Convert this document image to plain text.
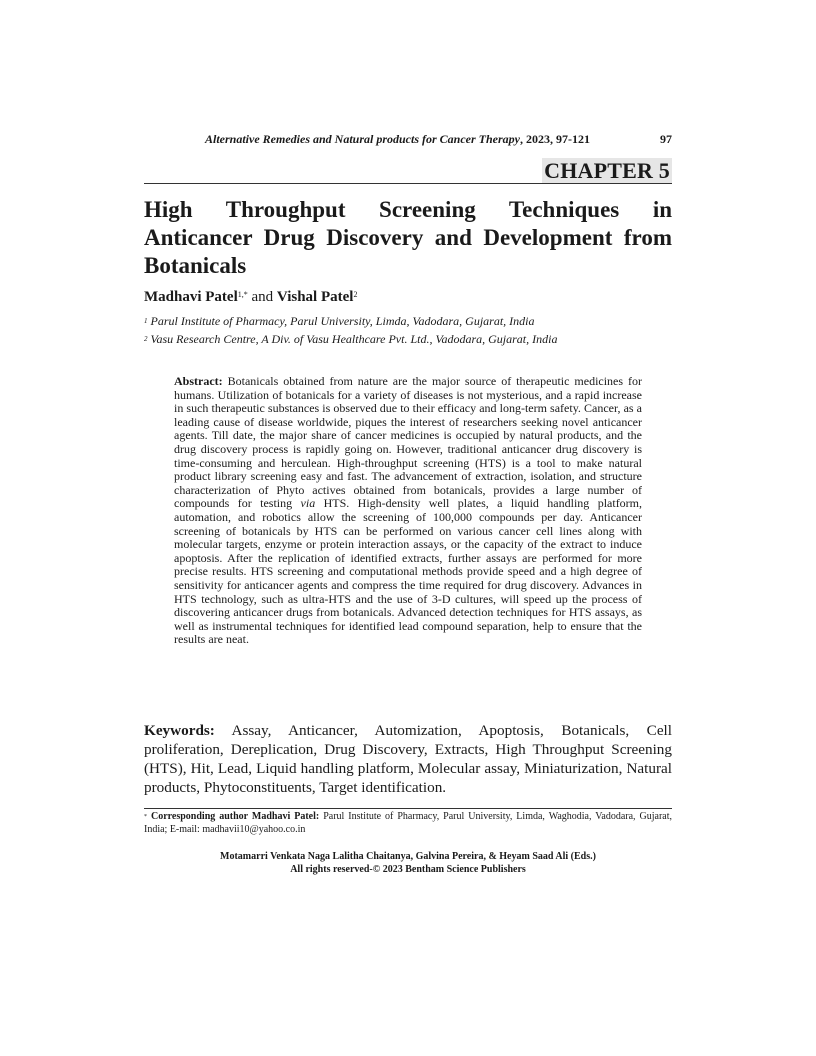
Alternative Remedies and Natural products for Cancer Therapy, 2023, 97-121	97
CHAPTER 5
High Throughput Screening Techniques in Anticancer Drug Discovery and Development from Botanicals
Madhavi Patel$^{1,*}$ and Vishal Patel$^2$
$^1$ Parul Institute of Pharmacy, Parul University, Limda, Vadodara, Gujarat, India
$^2$ Vasu Research Centre, A Div. of Vasu Healthcare Pvt. Ltd., Vadodara, Gujarat, India

Abstract: Botanicals obtained from nature are the major source of therapeutic medicines for humans. Utilization of botanicals for a variety of diseases is not mysterious, and a rapid increase in such therapeutic substances is observed due to their efficacy and long-term safety. Cancer, as a leading cause of disease worldwide, piques the interest of researchers seeking novel anticancer agents. Till date, the major share of cancer medicines is occupied by natural products, and the drug discovery process is rapidly going on. However, traditional anticancer drug discovery is time-consuming and herculean. High-throughput screening (HTS) is a tool to make natural product library screening easy and fast. The advancement of extraction, isolation, and structure characterization of Phyto actives obtained from botanicals, provides a large number of compounds for testing via HTS. High-density well plates, a liquid handling platform, automation, and robotics allow the screening of 100,000 compounds per day. Anticancer screening of botanicals by HTS can be performed on various cancer cell lines along with molecular targets, enzyme or protein interaction assays, or the capacity of the extract to induce apoptosis. After the replication of identified extracts, further assays are performed for more precise results. HTS screening and computational methods provide speed and a high degree of sensitivity for anticancer agents and compress the time required for drug discovery. Advances in HTS technology, such as ultra-HTS and the use of 3-D cultures, will speed up the process of discovering anticancer drugs from botanicals. Advanced detection techniques for HTS assays, as well as instrumental techniques for identified lead compound separation, help to ensure that the results are neat.

Keywords: Assay, Anticancer, Automization, Apoptosis, Botanicals, Cell proliferation, Dereplication, Drug Discovery, Extracts, High Throughput Screening (HTS), Hit, Lead, Liquid handling platform, Molecular assay, Miniaturization, Natural products, Phytoconstituents, Target identification.

* Corresponding author Madhavi Patel: Parul Institute of Pharmacy, Parul University, Limda, Waghodia, Vadodara, Gujarat, India; E-mail: madhavii10@yahoo.co.in

Motamarri Venkata Naga Lalitha Chaitanya, Galvina Pereira, & Heyam Saad Ali (Eds.)
All rights reserved-© 2023 Bentham Science Publishers
